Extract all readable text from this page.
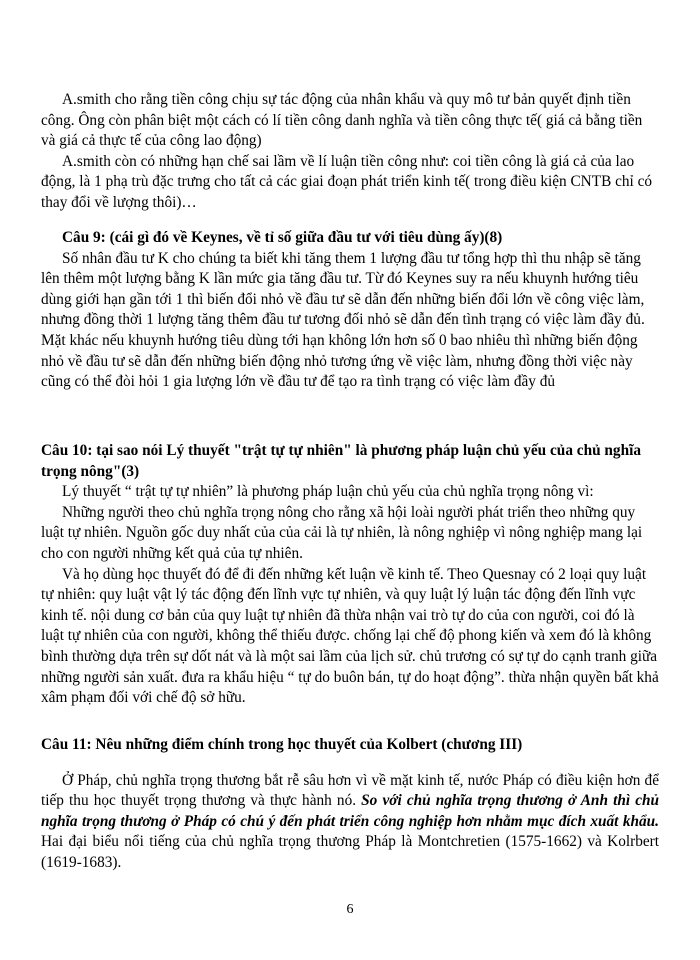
A.smith cho rằng tiền công chịu sự tác động của nhân khẩu và quy mô tư bản quyết định tiền công. Ông còn phân biệt một cách có lí tiền công danh nghĩa và tiền công thực tế( giá cả bằng tiền và giá cả thực tế của công lao động)

A.smith còn có những hạn chế sai lầm về lí luận tiền công như: coi tiền công là giá cả của lao động, là 1 phạ trù đặc trưng cho tất cả các giai đoạn phát triển kinh tế( trong điều kiện CNTB chỉ có thay đổi về lượng thôi)…

Câu 9: (cái gì đó về Keynes, về tỉ số giữa đầu tư với tiêu dùng ấy)(8)

Số nhân đầu tư K cho chúng ta biết khi tăng them 1 lượng đầu tư tổng hợp thì thu nhập sẽ tăng lên thêm một lượng bằng K lần mức gia tăng đầu tư. Từ đó Keynes suy ra nếu khuynh hướng tiêu dùng giới hạn gần tới 1 thì biến đổi nhỏ về đầu tư sẽ dẫn đến những biến đổi lớn về công việc làm, nhưng đồng thời 1 lượng tăng thêm đầu tư tương đối nhỏ sẽ dẫn đến tình trạng có việc làm đầy đủ. Mặt khác nếu khuynh hướng tiêu dùng tới hạn không lớn hơn số 0 bao nhiêu thì những biến động nhỏ về đầu tư sẽ dẫn đến những biến động nhỏ tương ứng về việc làm, nhưng đồng thời việc này cũng có thể đòi hỏi 1 gia lượng lớn về đầu tư để tạo ra tình trạng có việc làm đầy đủ

Câu 10: tại sao nói Lý thuyết "trật tự tự nhiên" là phương pháp luận chủ yếu của chủ nghĩa trọng nông"(3)

Lý thuyết “ trật tự tự nhiên” là phương pháp luận chủ yếu của chủ nghĩa trọng nông vì:

Những người theo chủ nghĩa trọng nông cho rằng xã hội loài người phát triển theo những quy luật tự nhiên. Nguồn gốc duy nhất của của cải là tự nhiên, là nông nghiệp vì nông nghiệp mang lại cho con người những kết quả của tự nhiên.

Và họ dùng học thuyết đó để đi đến những kết luận về kinh tế. Theo Quesnay có 2 loại quy luật tự nhiên: quy luật vật lý tác động đến lĩnh vực tự nhiên, và quy luật lý luận tác động đến lĩnh vực kinh tế. nội dung cơ bản của quy luật tự nhiên đã thừa nhận vai trò tự do của con người, coi đó là luật tự nhiên của con người, không thể thiếu được. chống lại chế độ phong kiến và xem đó là không bình thường dựa trên sự dốt nát và là một sai lầm của lịch sử. chủ trương có sự tự do cạnh tranh giữa những người sản xuất. đưa ra khẩu hiệu “ tự do buôn bán, tự do hoạt động”. thừa nhận quyền bất khả xâm phạm đối với chế độ sở hữu.

Câu 11: Nêu những điểm chính trong học thuyết của Kolbert (chương III)

Ở Pháp, chủ nghĩa trọng thương bắt rễ sâu hơn vì về mặt kinh tế, nước Pháp có điều kiện hơn để tiếp thu học thuyết trọng thương và thực hành nó. So với chủ nghĩa trọng thương ở Anh thì chủ nghĩa trọng thương ở Pháp có chú ý đến phát triển công nghiệp hơn nhằm mục đích xuất khẩu. Hai đại biểu nổi tiếng của chủ nghĩa trọng thương Pháp là Montchretien (1575-1662) và Kolrbert (1619-1683).

6
